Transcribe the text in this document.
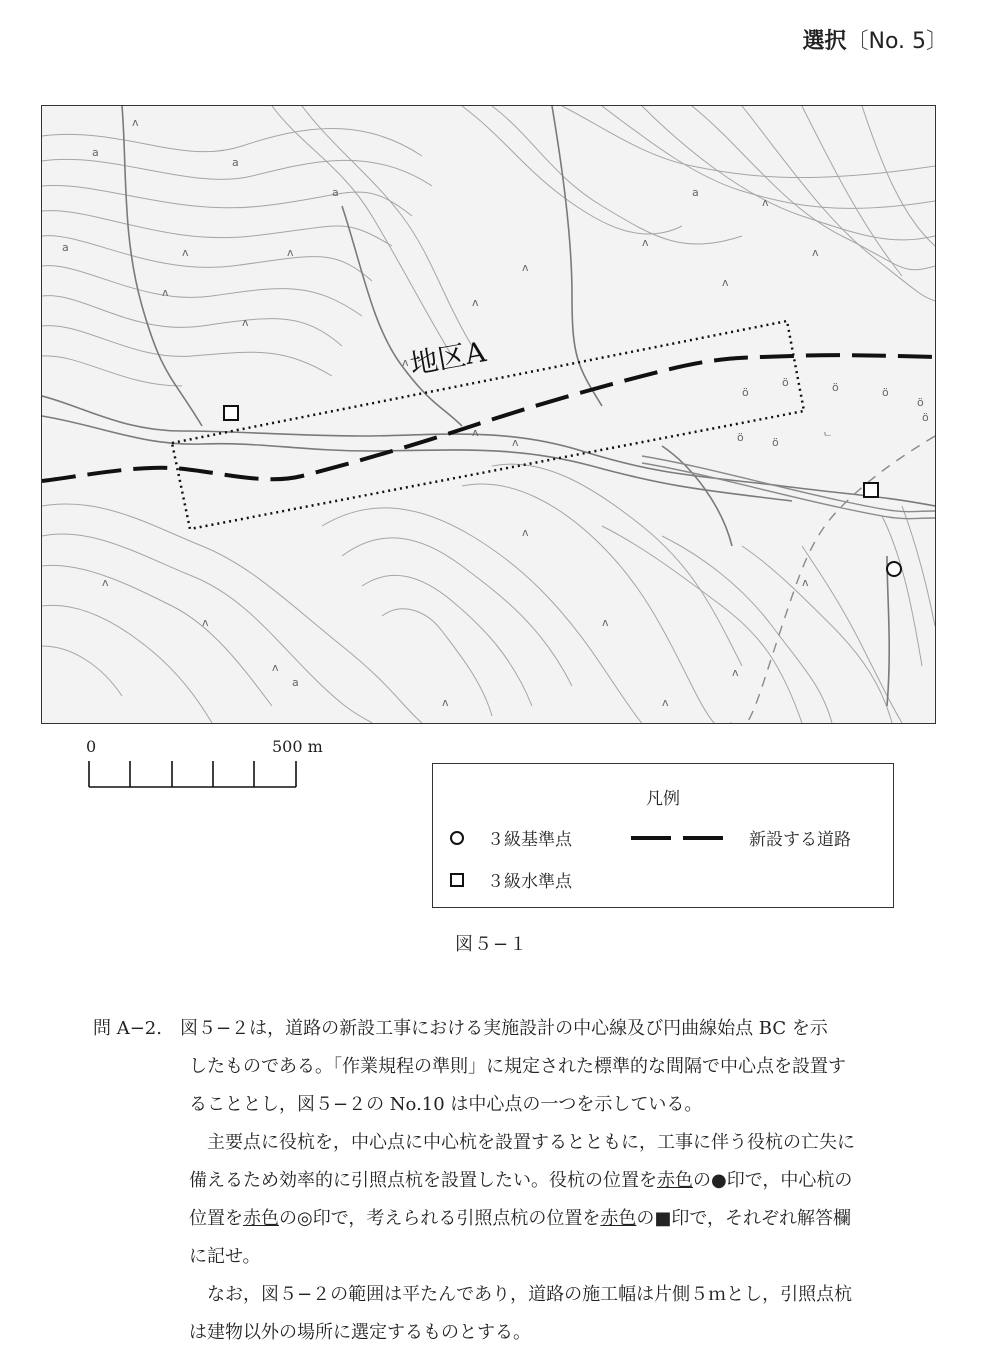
選択〔No. 5〕
ʌ
ʌ	ʌ
ʌ
ʌ
ʌ
ʌ
ʌ
ʌ
ʌ
ʌ
ʌ
ʌ
ʌ
ʌ
ʌ
ʌ
ʌ
ʌ
ʌ
ʌ
ʌ
ʌ
ö
ö	ö	ö
ö
ö	ö
ö
ᄂ
a
a
a
a
a
a
地区A
0	500 m
凡例
３級基準点	新設する道路
３級水準点
図５−１

問 A−2.　 図５−２は，道路の新設工事における実施設計の中心線及び円曲線始点 BC を示

したものである。「作業規程の準則」に規定された標準的な間隔で中心点を設置す

ることとし，図５−２の No.10 は中心点の一つを示している。

主要点に役杭を，中心点に中心杭を設置するとともに，工事に伴う役杭の亡失に

備えるため効率的に引照点杭を設置したい。役杭の位置を赤色の●印で，中心杭の

位置を赤色の◎印で，考えられる引照点杭の位置を赤色の■印で，それぞれ解答欄

に記せ。

なお，図５−２の範囲は平たんであり，道路の施工幅は片側５ｍとし，引照点杭

は建物以外の場所に選定するものとする。
